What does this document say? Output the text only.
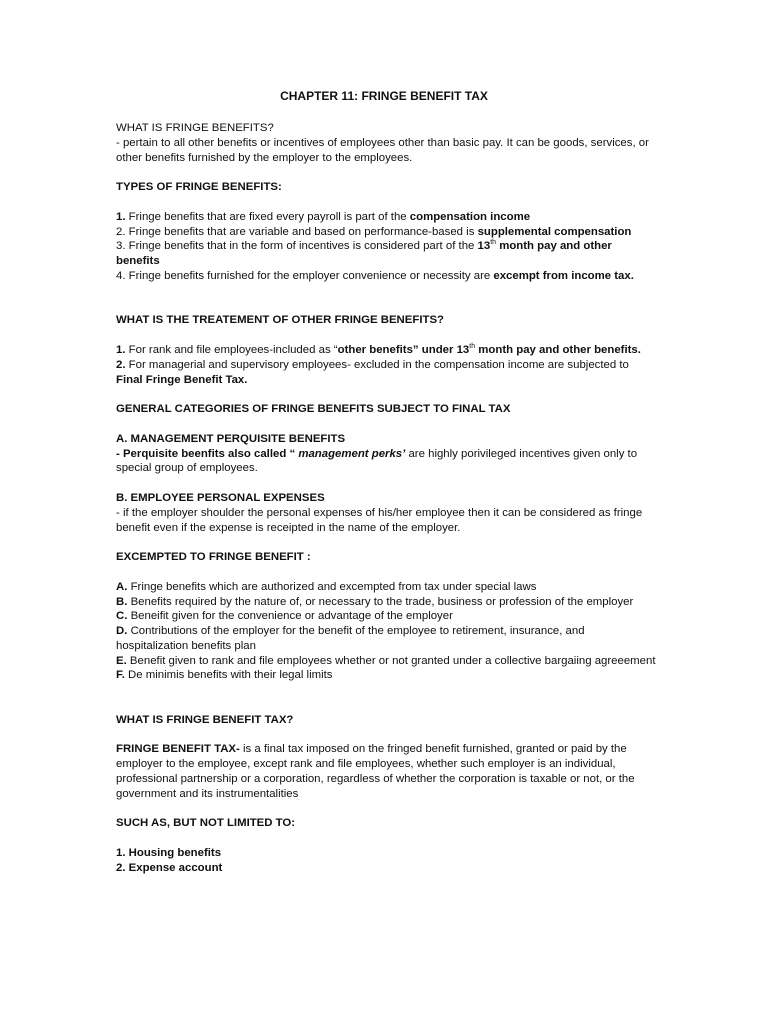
CHAPTER 11: FRINGE BENEFIT TAX

WHAT IS FRINGE BENEFITS?

- pertain to all other benefits or incentives of employees other than basic pay. It can be goods, services, or other benefits furnished by the employer to the employees.

TYPES OF FRINGE BENEFITS:

1. Fringe benefits that are fixed every payroll is part of the compensation income

2. Fringe benefits that are variable and based on performance-based is supplemental compensation

3. Fringe benefits that in the form of incentives is considered part of the 13th month pay and other benefits

4. Fringe benefits furnished for the employer convenience or necessity are excempt from income tax.

WHAT IS THE TREATEMENT OF OTHER FRINGE BENEFITS?

1. For rank and file employees-included as “other benefits” under 13th month pay and other benefits.

2. For managerial and supervisory employees- excluded in the compensation income are subjected to Final Fringe Benefit Tax.

GENERAL CATEGORIES OF FRINGE BENEFITS SUBJECT TO FINAL TAX

A. MANAGEMENT PERQUISITE BENEFITS

- Perquisite beenfits also called “ management perks’ are highly porivileged incentives given only to special group of employees.

B. EMPLOYEE PERSONAL EXPENSES

- if the employer shoulder the personal expenses of his/her employee then it can be considered as fringe benefit even if the expense is receipted in the name of the employer.

EXCEMPTED TO FRINGE BENEFIT :

A. Fringe benefits which are authorized and excempted from tax under special laws

B. Benefits required by the nature of, or necessary to the trade, business or profession of the employer

C. Beneifit given for the convenience or advantage of the employer

D. Contributions of the employer for the benefit of the employee to retirement, insurance, and hospitalization benefits plan

E. Benefit given to rank and file employees whether or not granted under a collective bargaiing agreeement

F. De minimis benefits with their legal limits

WHAT IS FRINGE BENEFIT TAX?

FRINGE BENEFIT TAX- is a final tax imposed on the fringed benefit furnished, granted or paid by the employer to the employee, except rank and file employees, whether such employer is an individual, professional partnership or a corporation, regardless of whether the corporation is taxable or not, or the government and its instrumentalities

SUCH AS, BUT NOT LIMITED TO:

1. Housing benefits

2. Expense account
